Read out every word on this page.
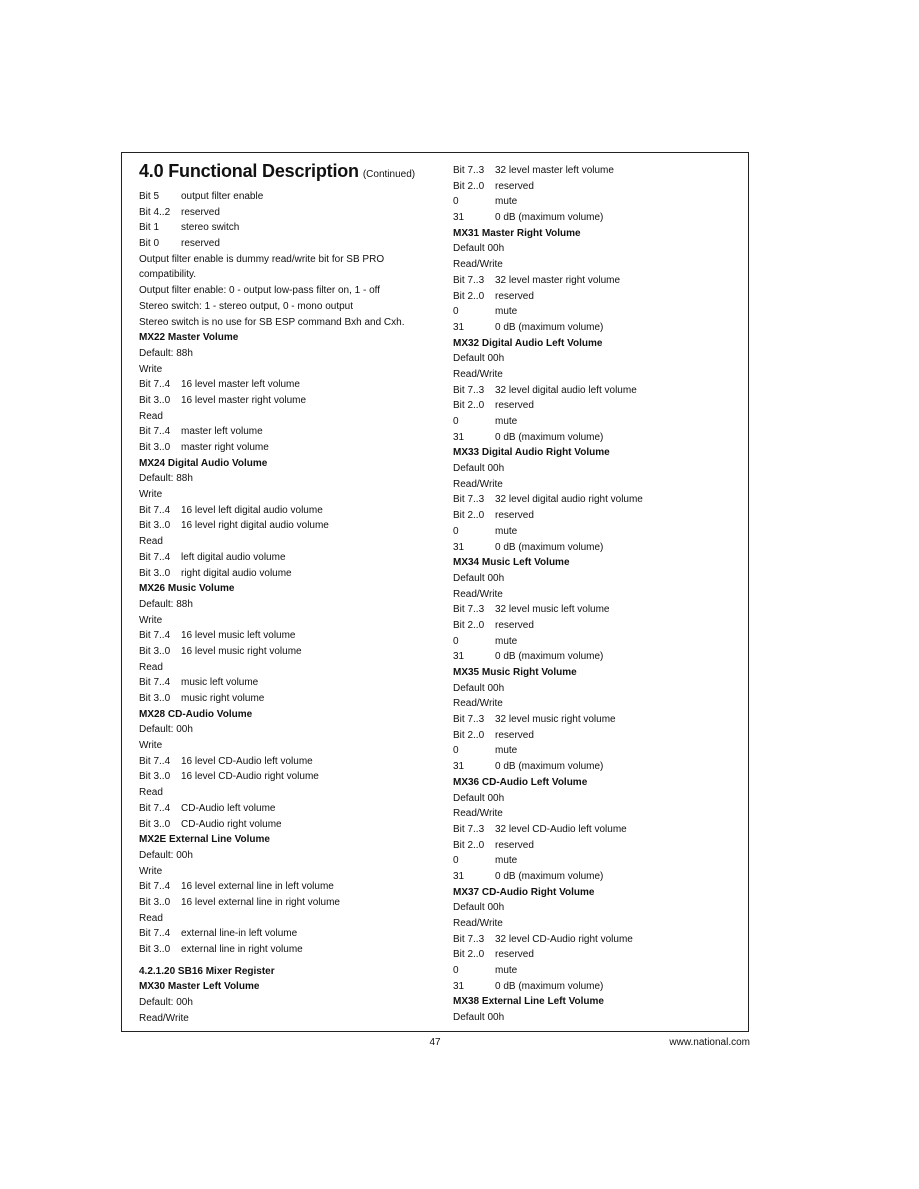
4.0 Functional Description (Continued)
Bit 5	output filter enable
Bit 4..2	reserved
Bit 1	stereo switch
Bit 0	reserved
Output filter enable is dummy read/write bit for SB PRO compatibility.
Output filter enable: 0 - output low-pass filter on, 1 - off
Stereo switch: 1 - stereo output, 0 - mono output
Stereo switch is no use for SB ESP command Bxh and Cxh.
MX22 Master Volume
Default: 88h
Write
Bit 7..4	16 level master left volume
Bit 3..0	16 level master right volume
Read
Bit 7..4	master left volume
Bit 3..0	master right volume
MX24 Digital Audio Volume
Default: 88h
Write
Bit 7..4	16 level left digital audio volume
Bit 3..0	16 level right digital audio volume
Read
Bit 7..4	left digital audio volume
Bit 3..0	right digital audio volume
MX26 Music Volume
Default: 88h
Write
Bit 7..4	16 level music left volume
Bit 3..0	16 level music right volume
Read
Bit 7..4	music left volume
Bit 3..0	music right volume
MX28 CD-Audio Volume
Default: 00h
Write
Bit 7..4	16 level CD-Audio left volume
Bit 3..0	16 level CD-Audio right volume
Read
Bit 7..4	CD-Audio left volume
Bit 3..0	CD-Audio right volume
MX2E External Line Volume
Default: 00h
Write
Bit 7..4	16 level external line in left volume
Bit 3..0	16 level external line in right volume
Read
Bit 7..4	external line-in left volume
Bit 3..0	external line in right volume
4.2.1.20 SB16 Mixer Register
MX30 Master Left Volume
Default: 00h
Read/Write
Bit 7..3	32 level master left volume
Bit 2..0	reserved
0	mute
31	0 dB (maximum volume)
MX31 Master Right Volume
Default 00h
Read/Write
Bit 7..3	32 level master right volume
Bit 2..0	reserved
0	mute
31	0 dB (maximum volume)
MX32 Digital Audio Left Volume
Default 00h
Read/Write
Bit 7..3	32 level digital audio left volume
Bit 2..0	reserved
0	mute
31	0 dB (maximum volume)
MX33 Digital Audio Right Volume
Default 00h
Read/Write
Bit 7..3	32 level digital audio right volume
Bit 2..0	reserved
0	mute
31	0 dB (maximum volume)
MX34 Music Left Volume
Default 00h
Read/Write
Bit 7..3	32 level music left volume
Bit 2..0	reserved
0	mute
31	0 dB (maximum volume)
MX35 Music Right Volume
Default 00h
Read/Write
Bit 7..3	32 level music right volume
Bit 2..0	reserved
0	mute
31	0 dB (maximum volume)
MX36 CD-Audio Left Volume
Default 00h
Read/Write
Bit 7..3	32 level CD-Audio left volume
Bit 2..0	reserved
0	mute
31	0 dB (maximum volume)
MX37 CD-Audio Right Volume
Default 00h
Read/Write
Bit 7..3	32 level CD-Audio right volume
Bit 2..0	reserved
0	mute
31	0 dB (maximum volume)
MX38 External Line Left Volume
Default 00h
47	www.national.com
